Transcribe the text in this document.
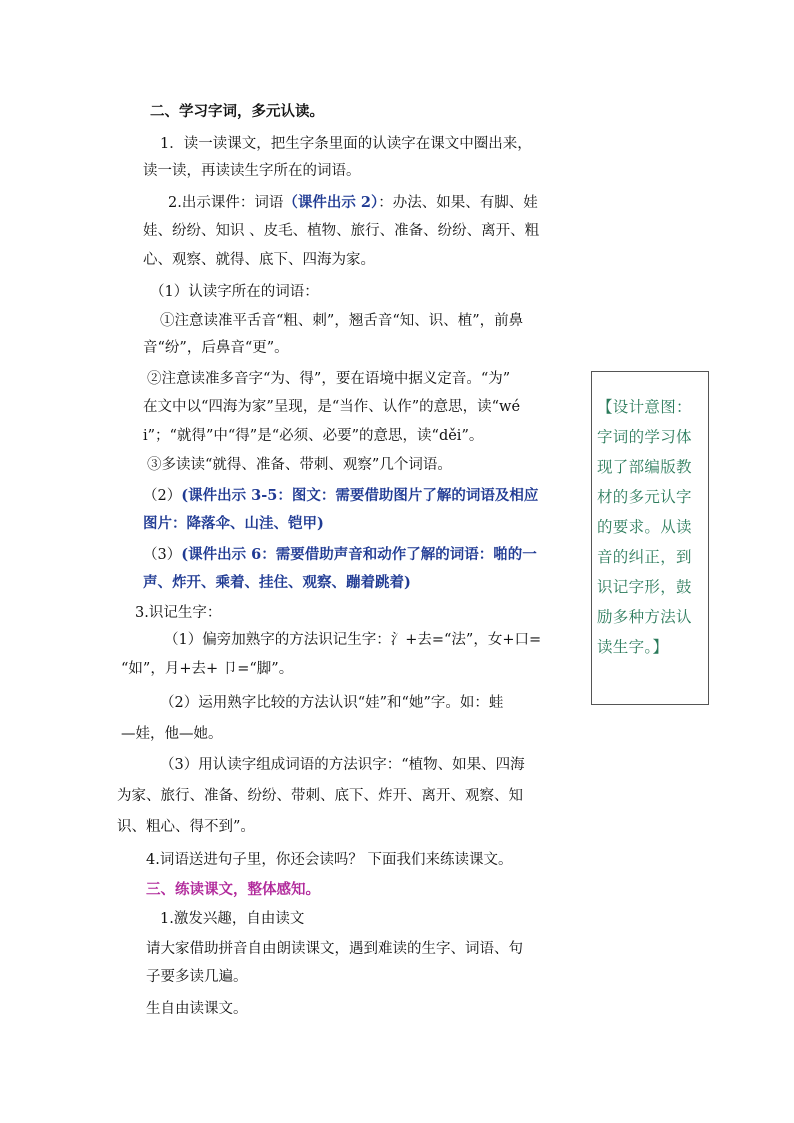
二、学习字词，多元认读。
1．读一读课文，把生字条里面的认读字在课文中圈出来，
读一读，再读读生字所在的词语。
2.出示课件：词语（课件出示 2）：办法、如果、有脚、娃
娃、纷纷、知识 、皮毛、植物、旅行、准备、纷纷、离开、粗
心、观察、就得、底下、四海为家。
（1）认读字所在的词语：
①注意读准平舌音“粗、刺”，翘舌音“知、识、植”，前鼻
音“纷”，后鼻音“更”。
②注意读准多音字“为、得”，要在语境中据义定音。“为”
在文中以“四海为家”呈现，是“当作、认作”的意思，读“wé
i”；“就得”中“得”是“必须、必要”的意思，读“děi”。
③多读读“就得、准备、带刺、观察”几个词语。
（2）(课件出示 3-5：图文：需要借助图片了解的词语及相应
图片：降落伞、山洼、铠甲)
（3）(课件出示 6：需要借助声音和动作了解的词语：啪的一
声、炸开、乘着、挂住、观察、蹦着跳着)
3.识记生字：
（1）偏旁加熟字的方法识记生字：氵+去=“法”，女+口=
“如”，月+去+ 卩=“脚”。
（2）运用熟字比较的方法认识“娃”和“她”字。如：蛙
—娃，他—她。
（3）用认读字组成词语的方法识字：“植物、如果、四海
为家、旅行、准备、纷纷、带刺、底下、炸开、离开、观察、知
识、粗心、得不到”。
4.词语送进句子里，你还会读吗？ 下面我们来练读课文。
三、练读课文，整体感知。
1.激发兴趣，自由读文
请大家借助拼音自由朗读课文，遇到难读的生字、词语、句
子要多读几遍。
生自由读课文。
【设计意图：
字词的学习体
现了部编版教
材的多元认字
的要求。从读
音的纠正，到
识记字形，鼓
励多种方法认
读生字。】
